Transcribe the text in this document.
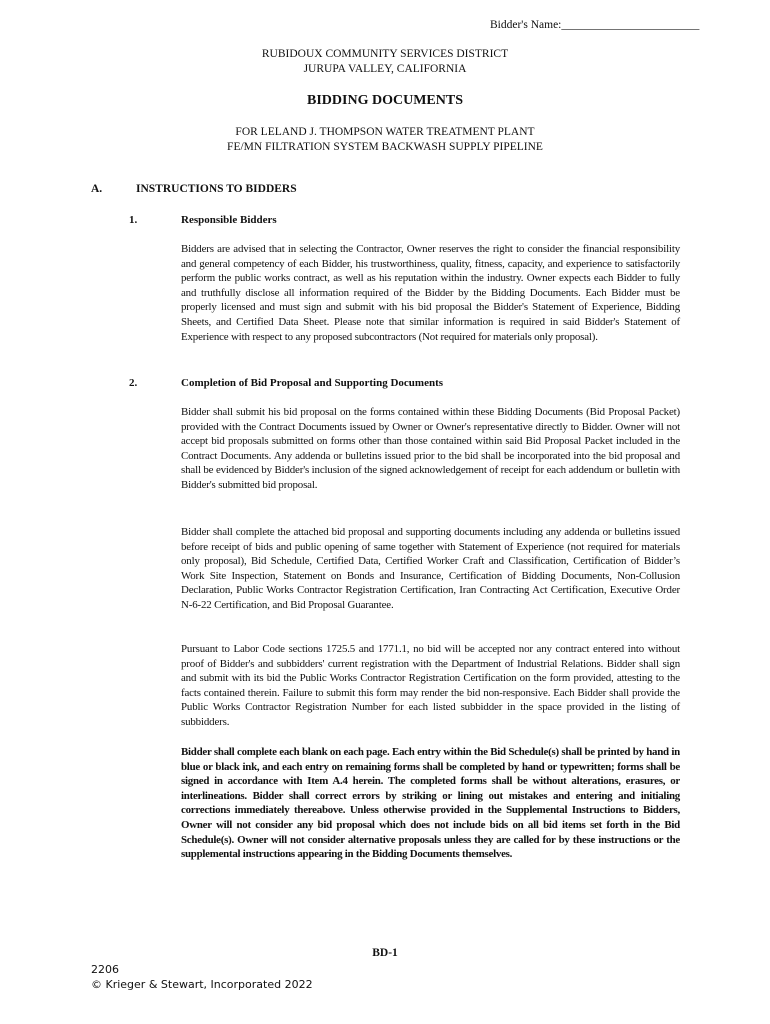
Bidder's Name:________________________
RUBIDOUX COMMUNITY SERVICES DISTRICT
JURUPA VALLEY, CALIFORNIA
BIDDING DOCUMENTS
FOR LELAND J. THOMPSON WATER TREATMENT PLANT
FE/MN FILTRATION SYSTEM BACKWASH SUPPLY PIPELINE
A.	INSTRUCTIONS TO BIDDERS
1.	Responsible Bidders
Bidders are advised that in selecting the Contractor, Owner reserves the right to consider the financial responsibility and general competency of each Bidder, his trustworthiness, quality, fitness, capacity, and experience to satisfactorily perform the public works contract, as well as his reputation within the industry. Owner expects each Bidder to fully and truthfully disclose all information required of the Bidder by the Bidding Documents. Each Bidder must be properly licensed and must sign and submit with his bid proposal the Bidder's Statement of Experience, Bidding Sheets, and Certified Data Sheet. Please note that similar information is required in said Bidder's Statement of Experience with respect to any proposed subcontractors (Not required for materials only proposal).
2.	Completion of Bid Proposal and Supporting Documents
Bidder shall submit his bid proposal on the forms contained within these Bidding Documents (Bid Proposal Packet) provided with the Contract Documents issued by Owner or Owner's representative directly to Bidder. Owner will not accept bid proposals submitted on forms other than those contained within said Bid Proposal Packet included in the Contract Documents. Any addenda or bulletins issued prior to the bid shall be incorporated into the bid proposal and shall be evidenced by Bidder's inclusion of the signed acknowledgement of receipt for each addendum or bulletin with Bidder's submitted bid proposal.
Bidder shall complete the attached bid proposal and supporting documents including any addenda or bulletins issued before receipt of bids and public opening of same together with Statement of Experience (not required for materials only proposal), Bid Schedule, Certified Data, Certified Worker Craft and Classification, Certification of Bidder’s Work Site Inspection, Statement on Bonds and Insurance, Certification of Bidding Documents, Non-Collusion Declaration, Public Works Contractor Registration Certification, Iran Contracting Act Certification, Executive Order N-6-22 Certification, and Bid Proposal Guarantee.
Pursuant to Labor Code sections 1725.5 and 1771.1, no bid will be accepted nor any contract entered into without proof of Bidder's and subbidders' current registration with the Department of Industrial Relations. Bidder shall sign and submit with its bid the Public Works Contractor Registration Certification on the form provided, attesting to the facts contained therein. Failure to submit this form may render the bid non-responsive. Each Bidder shall provide the Public Works Contractor Registration Number for each listed subbidder in the space provided in the listing of subbidders.
Bidder shall complete each blank on each page. Each entry within the Bid Schedule(s) shall be printed by hand in blue or black ink, and each entry on remaining forms shall be completed by hand or typewritten; forms shall be signed in accordance with Item A.4 herein. The completed forms shall be without alterations, erasures, or interlineations. Bidder shall correct errors by striking or lining out mistakes and entering and initialing corrections immediately thereabove. Unless otherwise provided in the Supplemental Instructions to Bidders, Owner will not consider any bid proposal which does not include bids on all bid items set forth in the Bid Schedule(s). Owner will not consider alternative proposals unless they are called for by these instructions or the supplemental instructions appearing in the Bidding Documents themselves.
BD-1
2206
© Krieger & Stewart, Incorporated 2022
